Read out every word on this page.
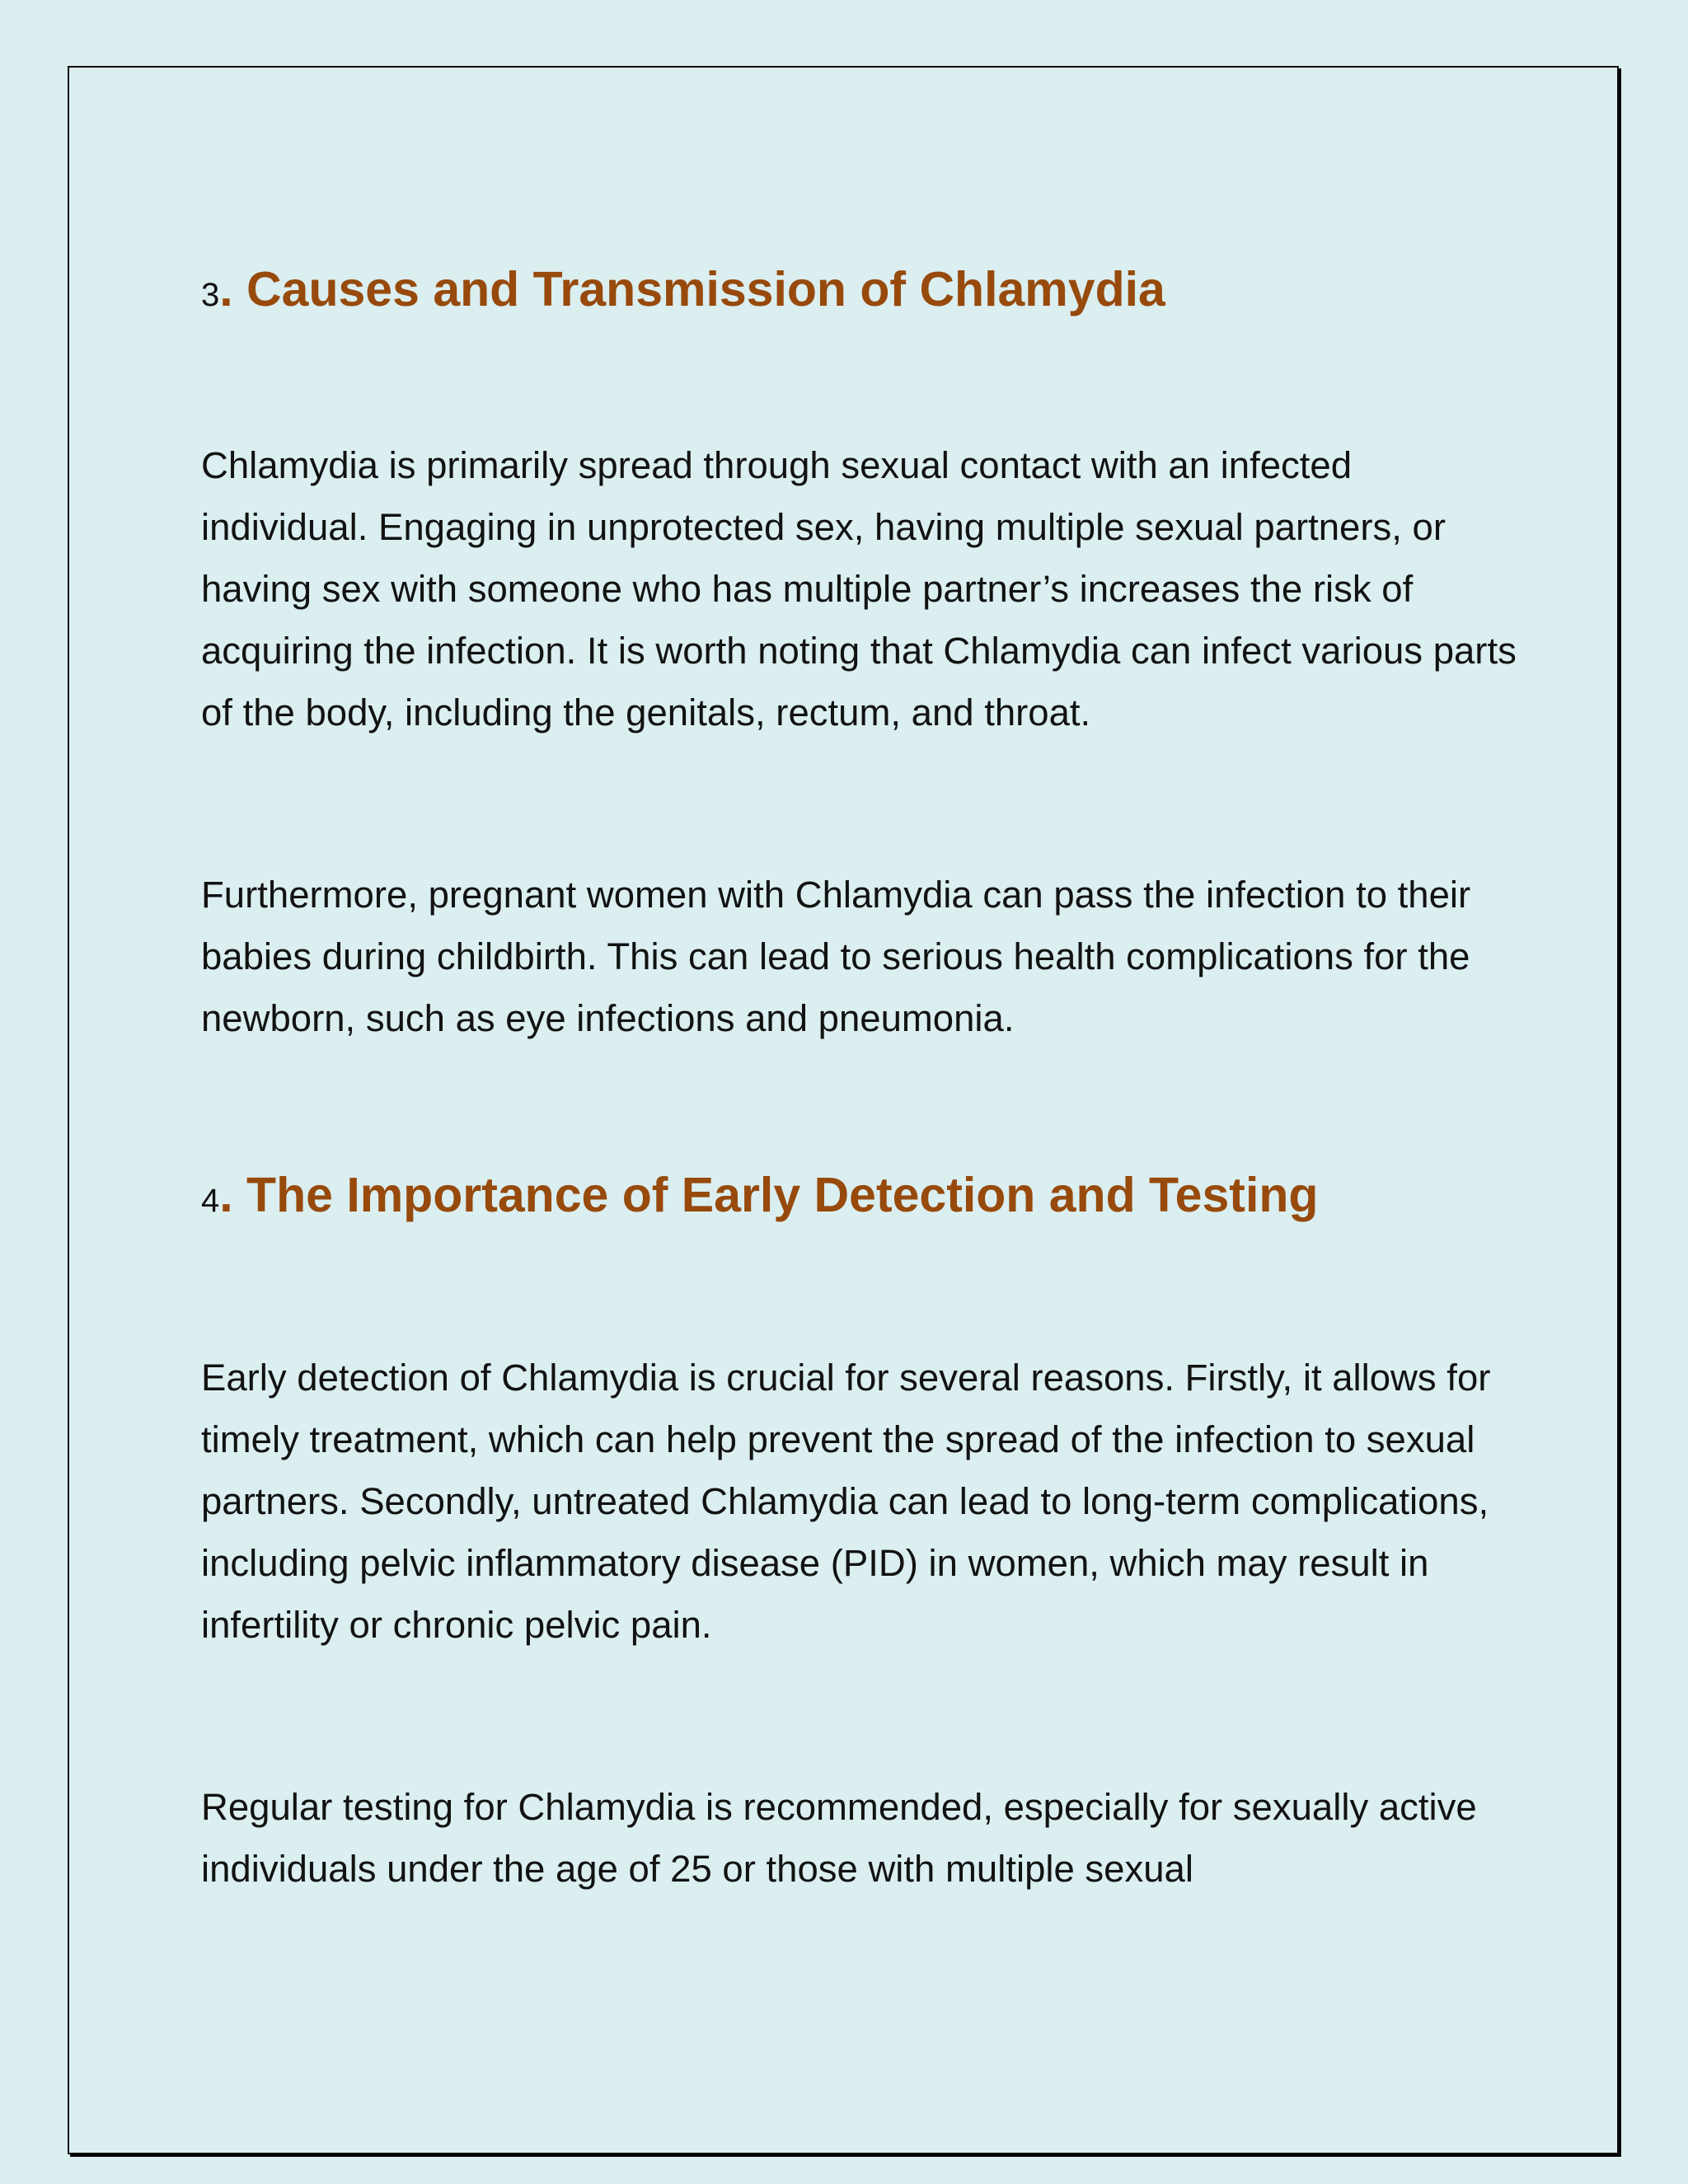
3. Causes and Transmission of Chlamydia

Chlamydia is primarily spread through sexual contact with an infected individual. Engaging in unprotected sex, having multiple sexual partners, or having sex with someone who has multiple partner’s increases the risk of acquiring the infection. It is worth noting that Chlamydia can infect various parts of the body, including the genitals, rectum, and throat.

Furthermore, pregnant women with Chlamydia can pass the infection to their babies during childbirth. This can lead to serious health complications for the newborn, such as eye infections and pneumonia.

4. The Importance of Early Detection and Testing

Early detection of Chlamydia is crucial for several reasons. Firstly, it allows for timely treatment, which can help prevent the spread of the infection to sexual partners. Secondly, untreated Chlamydia can lead to long-term complications, including pelvic inflammatory disease (PID) in women, which may result in infertility or chronic pelvic pain.

Regular testing for Chlamydia is recommended, especially for sexually active individuals under the age of 25 or those with multiple sexual
